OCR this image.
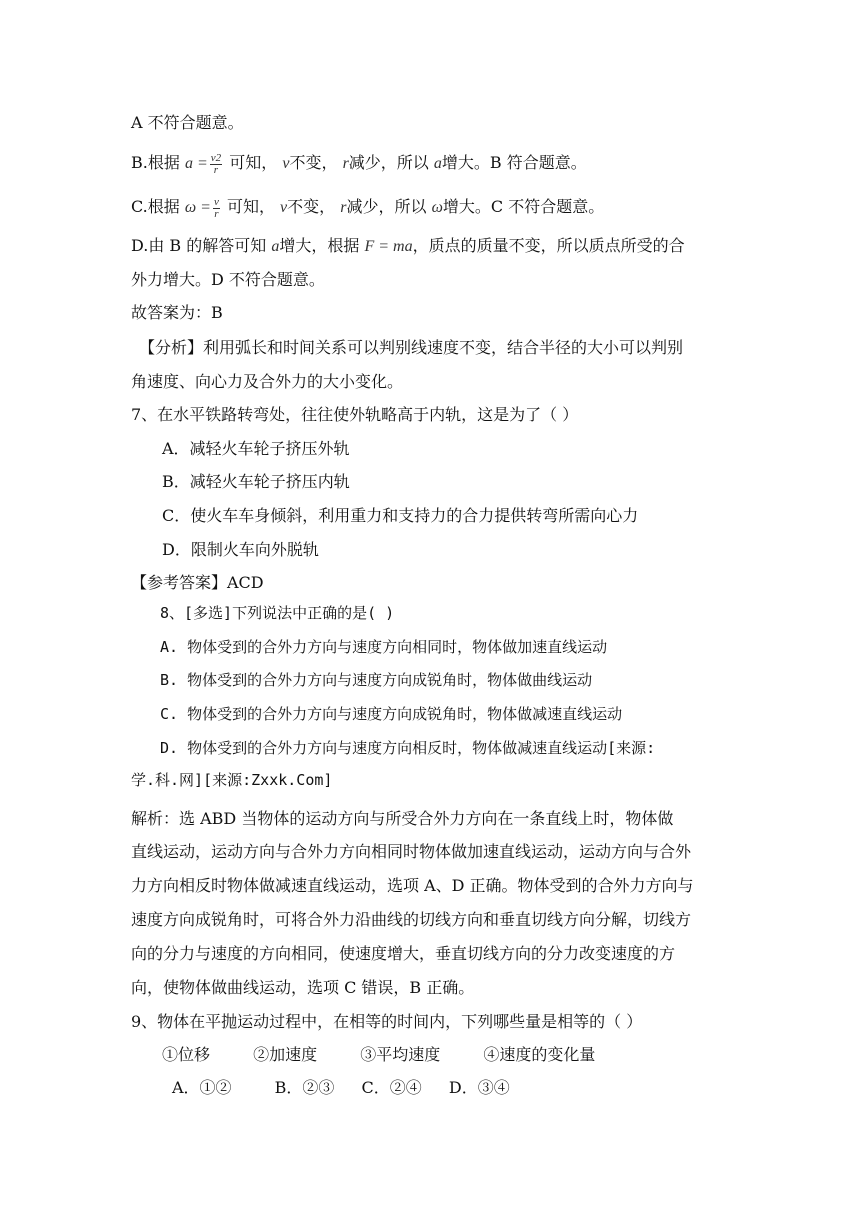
A 不符合题意。
B.根据 $a = \frac{v2}{r}$ 可知， v不变， r减少，所以 a增大。B 符合题意。
C.根据 $\omega = \frac{v}{r}$ 可知， v不变， r减少，所以 ω增大。C 不符合题意。
D.由 B 的解答可知 a增大，根据 F = ma，质点的质量不变，所以质点所受的合
外力增大。D 不符合题意。
故答案为：B
【分析】利用弧长和时间关系可以判别线速度不变，结合半径的大小可以判别
角速度、向心力及合外力的大小变化。
7、在水平铁路转弯处，往往使外轨略高于内轨，这是为了（ ）
A．减轻火车轮子挤压外轨
B．减轻火车轮子挤压内轨
C．使火车车身倾斜，利用重力和支持力的合力提供转弯所需向心力
D．限制火车向外脱轨
【参考答案】ACD
8、[多选]下列说法中正确的是( )
A. 物体受到的合外力方向与速度方向相同时，物体做加速直线运动
B. 物体受到的合外力方向与速度方向成锐角时，物体做曲线运动
C. 物体受到的合外力方向与速度方向成锐角时，物体做减速直线运动
D. 物体受到的合外力方向与速度方向相反时，物体做减速直线运动[来源:
学.科.网][来源:Zxxk.Com]
解析：选 ABD 当物体的运动方向与所受合外力方向在一条直线上时，物体做
直线运动，运动方向与合外力方向相同时物体做加速直线运动，运动方向与合外
力方向相反时物体做减速直线运动，选项 A、D 正确。物体受到的合外力方向与
速度方向成锐角时，可将合外力沿曲线的切线方向和垂直切线方向分解，切线方
向的分力与速度的方向相同，使速度增大，垂直切线方向的分力改变速度的方
向，使物体做曲线运动，选项 C 错误，B 正确。
9、物体在平抛运动过程中，在相等的时间内，下列哪些量是相等的（ ）
①位移	②加速度	③平均速度	④速度的变化量
A．①②	B．②③ C．②④ D．③④
